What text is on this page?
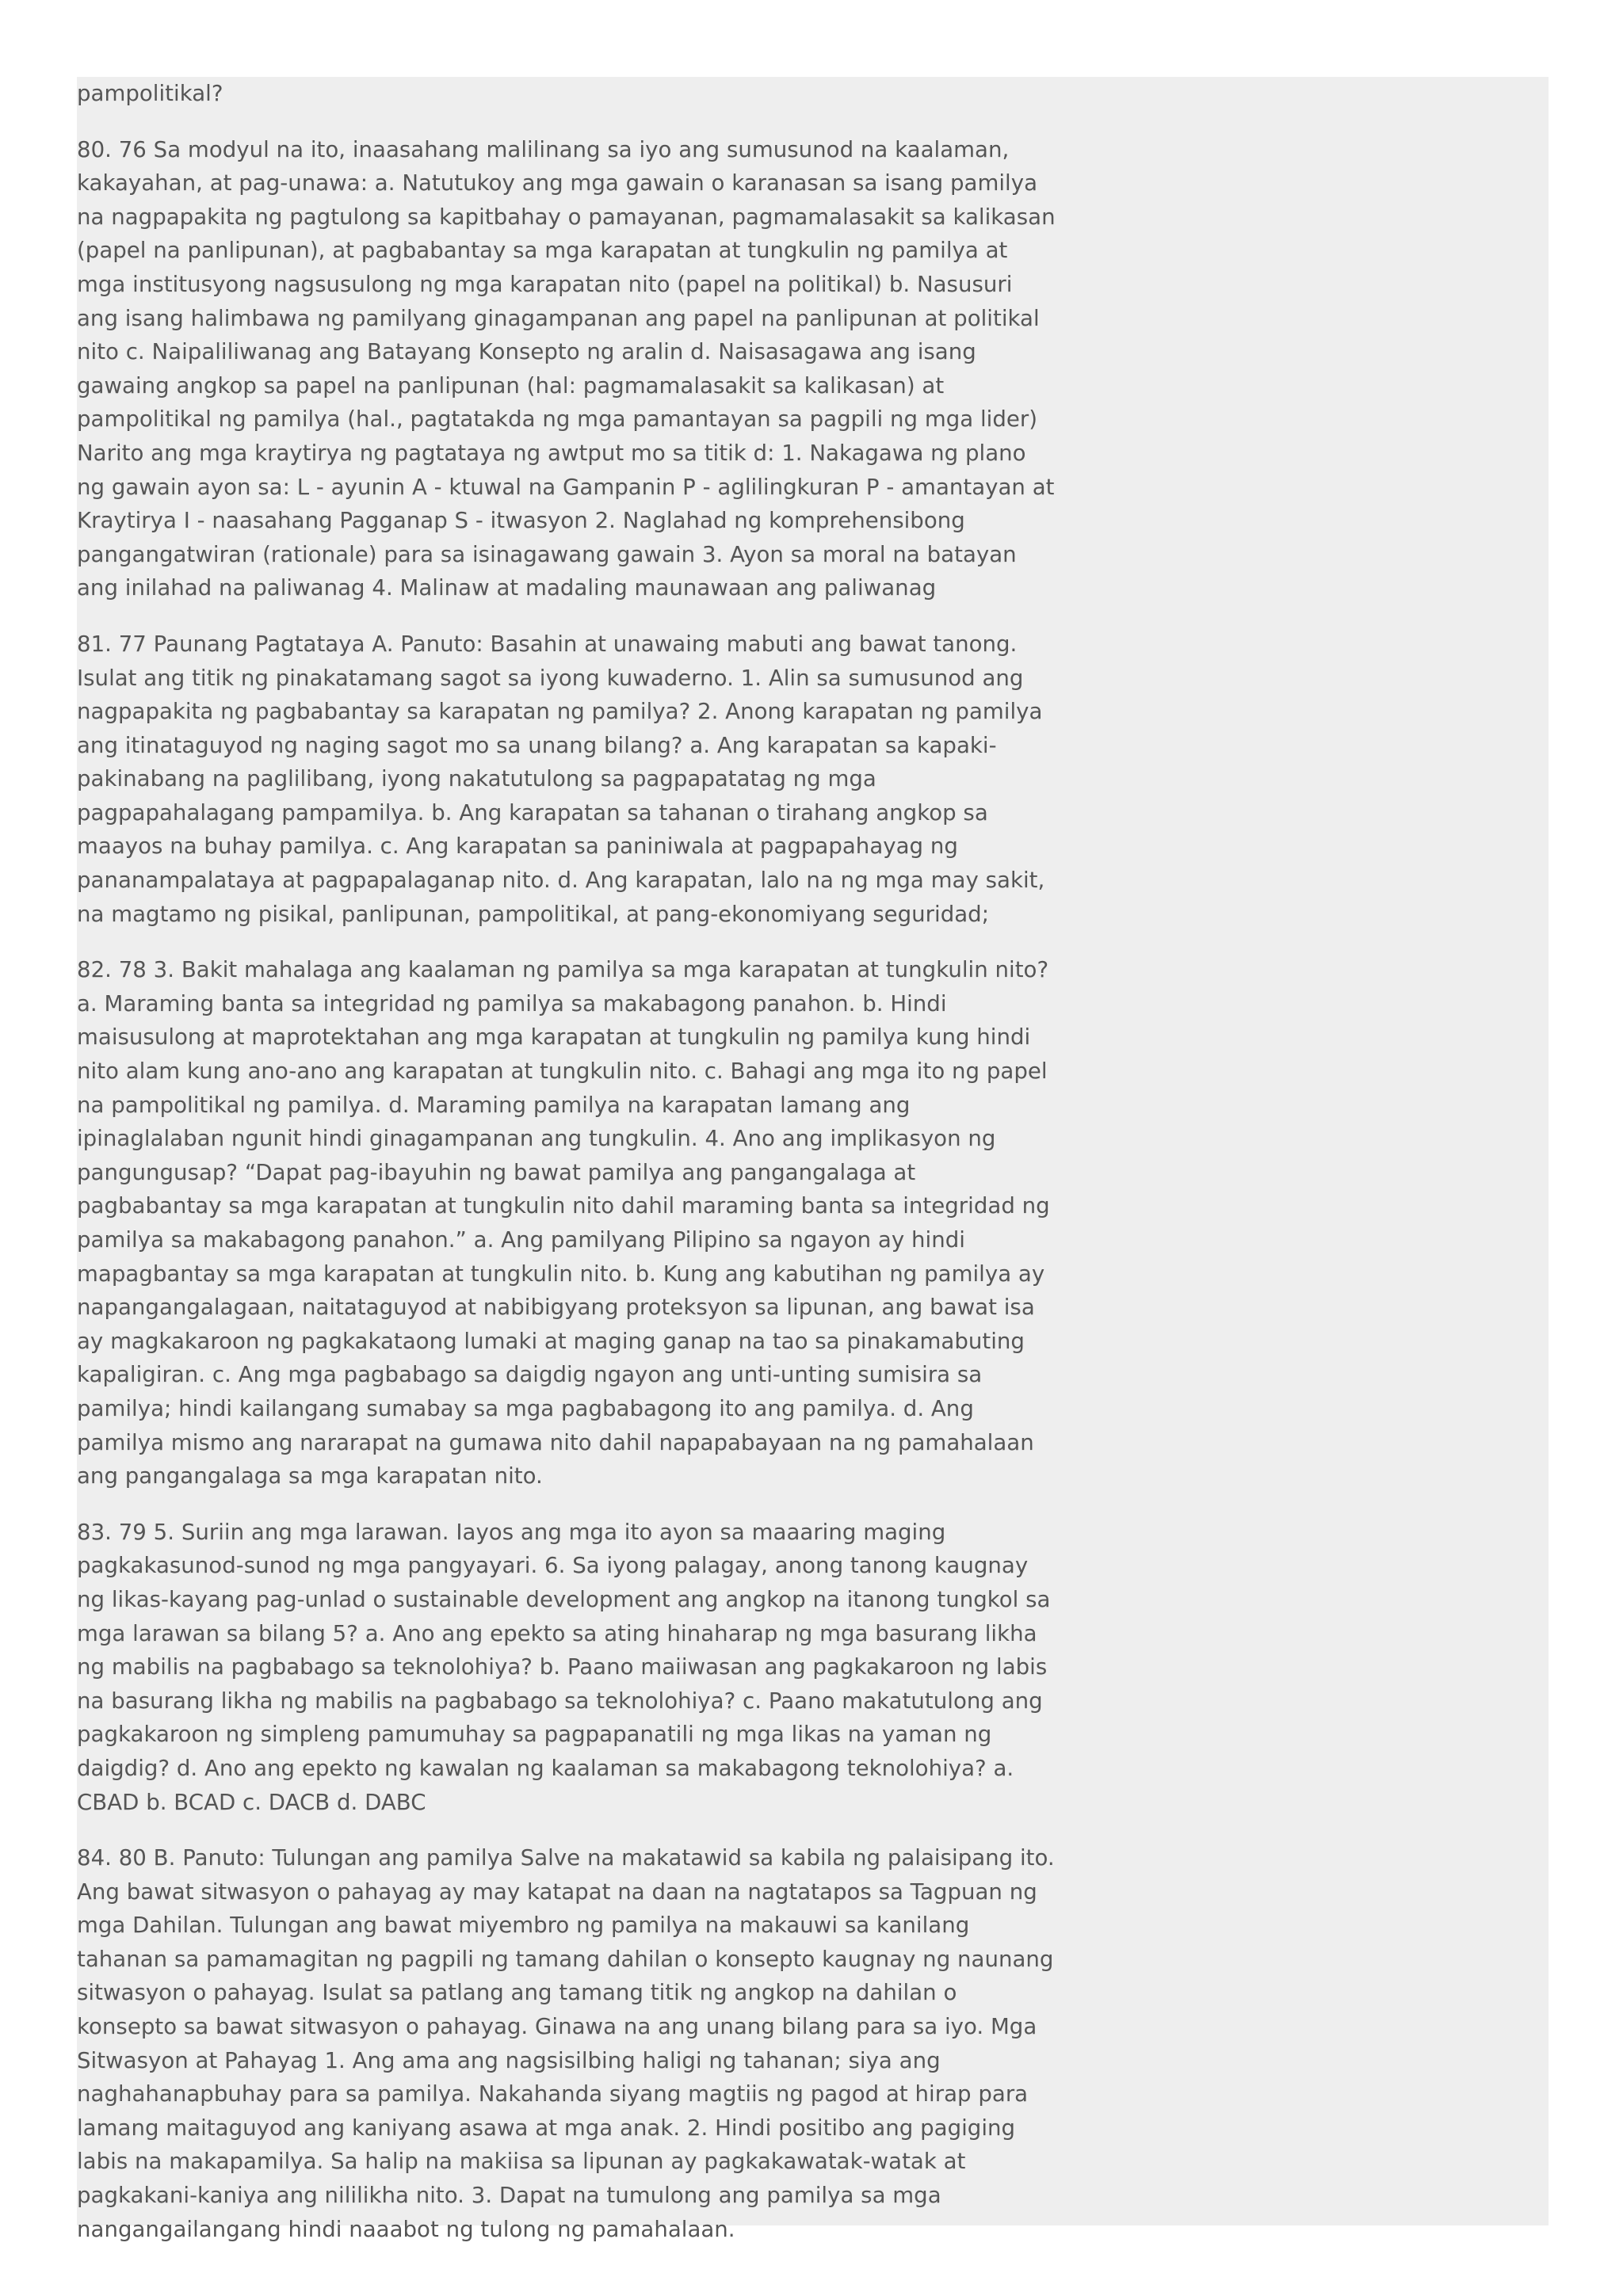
pampolitikal?

80. 76 Sa modyul na ito, inaasahang malilinang sa iyo ang sumusunod na kaalaman, kakayahan, at pag-unawa: a. Natutukoy ang mga gawain o karanasan sa isang pamilya na nagpapakita ng pagtulong sa kapitbahay o pamayanan, pagmamalasakit sa kalikasan (papel na panlipunan), at pagbabantay sa mga karapatan at tungkulin ng pamilya at mga institusyong nagsusulong ng mga karapatan nito (papel na politikal) b. Nasusuri ang isang halimbawa ng pamilyang ginagampanan ang papel na panlipunan at politikal nito c. Naipaliliwanag ang Batayang Konsepto ng aralin d. Naisasagawa ang isang gawaing angkop sa papel na panlipunan (hal: pagmamalasakit sa kalikasan) at pampolitikal ng pamilya (hal., pagtatakda ng mga pamantayan sa pagpili ng mga lider) Narito ang mga kraytirya ng pagtataya ng awtput mo sa titik d: 1. Nakagawa ng plano ng gawain ayon sa: L - ayunin A - ktuwal na Gampanin P - aglilingkuran P - amantayan at Kraytirya I - naasahang Pagganap S - itwasyon 2. Naglahad ng komprehensibong pangangatwiran (rationale) para sa isinagawang gawain 3. Ayon sa moral na batayan ang inilahad na paliwanag 4. Malinaw at madaling maunawaan ang paliwanag

81. 77 Paunang Pagtataya A. Panuto: Basahin at unawaing mabuti ang bawat tanong. Isulat ang titik ng pinakatamang sagot sa iyong kuwaderno. 1. Alin sa sumusunod ang nagpapakita ng pagbabantay sa karapatan ng pamilya? 2. Anong karapatan ng pamilya ang itinataguyod ng naging sagot mo sa unang bilang? a. Ang karapatan sa kapaki-pakinabang na paglilibang, iyong nakatutulong sa pagpapatatag ng mga pagpapahalagang pampamilya. b. Ang karapatan sa tahanan o tirahang angkop sa maayos na buhay pamilya. c. Ang karapatan sa paniniwala at pagpapahayag ng pananampalataya at pagpapalaganap nito. d. Ang karapatan, lalo na ng mga may sakit, na magtamo ng pisikal, panlipunan, pampolitikal, at pang-ekonomiyang seguridad;

82. 78 3. Bakit mahalaga ang kaalaman ng pamilya sa mga karapatan at tungkulin nito? a. Maraming banta sa integridad ng pamilya sa makabagong panahon. b. Hindi maisusulong at maprotektahan ang mga karapatan at tungkulin ng pamilya kung hindi nito alam kung ano-ano ang karapatan at tungkulin nito. c. Bahagi ang mga ito ng papel na pampolitikal ng pamilya. d. Maraming pamilya na karapatan lamang ang ipinaglalaban ngunit hindi ginagampanan ang tungkulin. 4. Ano ang implikasyon ng pangungusap? “Dapat pag-ibayuhin ng bawat pamilya ang pangangalaga at pagbabantay sa mga karapatan at tungkulin nito dahil maraming banta sa integridad ng pamilya sa makabagong panahon.” a. Ang pamilyang Pilipino sa ngayon ay hindi mapagbantay sa mga karapatan at tungkulin nito. b. Kung ang kabutihan ng pamilya ay napangangalagaan, naitataguyod at nabibigyang proteksyon sa lipunan, ang bawat isa ay magkakaroon ng pagkakataong lumaki at maging ganap na tao sa pinakamabuting kapaligiran. c. Ang mga pagbabago sa daigdig ngayon ang unti-unting sumisira sa pamilya; hindi kailangang sumabay sa mga pagbabagong ito ang pamilya. d. Ang pamilya mismo ang nararapat na gumawa nito dahil napapabayaan na ng pamahalaan ang pangangalaga sa mga karapatan nito.

83. 79 5. Suriin ang mga larawan. Iayos ang mga ito ayon sa maaaring maging pagkakasunod-sunod ng mga pangyayari. 6. Sa iyong palagay, anong tanong kaugnay ng likas-kayang pag-unlad o sustainable development ang angkop na itanong tungkol sa mga larawan sa bilang 5? a. Ano ang epekto sa ating hinaharap ng mga basurang likha ng mabilis na pagbabago sa teknolohiya? b. Paano maiiwasan ang pagkakaroon ng labis na basurang likha ng mabilis na pagbabago sa teknolohiya? c. Paano makatutulong ang pagkakaroon ng simpleng pamumuhay sa pagpapanatili ng mga likas na yaman ng daigdig? d. Ano ang epekto ng kawalan ng kaalaman sa makabagong teknolohiya? a. CBAD b. BCAD c. DACB d. DABC

84. 80 B. Panuto: Tulungan ang pamilya Salve na makatawid sa kabila ng palaisipang ito. Ang bawat sitwasyon o pahayag ay may katapat na daan na nagtatapos sa Tagpuan ng mga Dahilan. Tulungan ang bawat miyembro ng pamilya na makauwi sa kanilang tahanan sa pamamagitan ng pagpili ng tamang dahilan o konsepto kaugnay ng naunang sitwasyon o pahayag. Isulat sa patlang ang tamang titik ng angkop na dahilan o konsepto sa bawat sitwasyon o pahayag. Ginawa na ang unang bilang para sa iyo. Mga Sitwasyon at Pahayag 1. Ang ama ang nagsisilbing haligi ng tahanan; siya ang naghahanapbuhay para sa pamilya. Nakahanda siyang magtiis ng pagod at hirap para lamang maitaguyod ang kaniyang asawa at mga anak. 2. Hindi positibo ang pagiging labis na makapamilya. Sa halip na makiisa sa lipunan ay pagkakawatak-watak at pagkakani-kaniya ang nililikha nito. 3. Dapat na tumulong ang pamilya sa mga nangangailangang hindi naaabot ng tulong ng pamahalaan.
